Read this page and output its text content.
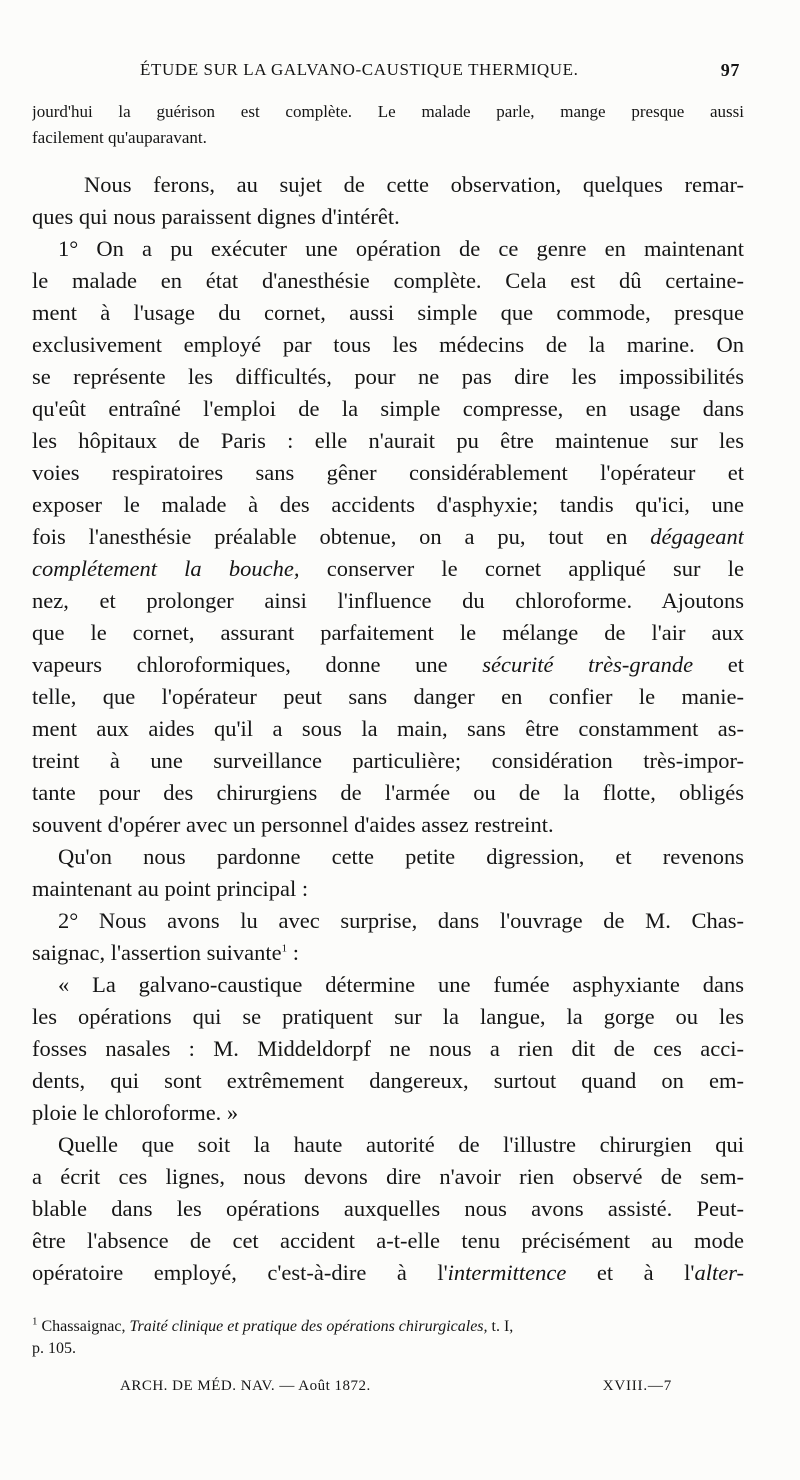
ÉTUDE SUR LA GALVANO-CAUSTIQUE THERMIQUE.	97
jourd'hui la guérison est complète. Le malade parle, mange presque aussi
facilement qu'auparavant.
Nous ferons, au sujet de cette observation, quelques remar-
ques qui nous paraissent dignes d'intérêt.
1° On a pu exécuter une opération de ce genre en maintenant
le malade en état d'anesthésie complète. Cela est dû certaine-
ment à l'usage du cornet, aussi simple que commode, presque
exclusivement employé par tous les médecins de la marine. On
se représente les difficultés, pour ne pas dire les impossibilités
qu'eût entraîné l'emploi de la simple compresse, en usage dans
les hôpitaux de Paris : elle n'aurait pu être maintenue sur les
voies respiratoires sans gêner considérablement l'opérateur et
exposer le malade à des accidents d'asphyxie; tandis qu'ici, une
fois l'anesthésie préalable obtenue, on a pu, tout en dégageant
complétement la bouche, conserver le cornet appliqué sur le
nez, et prolonger ainsi l'influence du chloroforme. Ajoutons
que le cornet, assurant parfaitement le mélange de l'air aux
vapeurs chloroformiques, donne une sécurité très-grande et
telle, que l'opérateur peut sans danger en confier le manie-
ment aux aides qu'il a sous la main, sans être constamment as-
treint à une surveillance particulière; considération très-impor-
tante pour des chirurgiens de l'armée ou de la flotte, obligés
souvent d'opérer avec un personnel d'aides assez restreint.
Qu'on nous pardonne cette petite digression, et revenons
maintenant au point principal :
2° Nous avons lu avec surprise, dans l'ouvrage de M. Chas-
saignac, l'assertion suivante$^1$ :
« La galvano-caustique détermine une fumée asphyxiante dans
les opérations qui se pratiquent sur la langue, la gorge ou les
fosses nasales : M. Middeldorpf ne nous a rien dit de ces acci-
dents, qui sont extrêmement dangereux, surtout quand on em-
ploie le chloroforme. »
Quelle que soit la haute autorité de l'illustre chirurgien qui
a écrit ces lignes, nous devons dire n'avoir rien observé de sem-
blable dans les opérations auxquelles nous avons assisté. Peut-
être l'absence de cet accident a-t-elle tenu précisément au mode
opératoire employé, c'est-à-dire à l'intermittence et à l'alter-
$^1$ Chassaignac, Traité clinique et pratique des opérations chirurgicales, t. I,
p. 105.
ARCH. DE MÉD. NAV. — Août 1872.	XVIII.—7
